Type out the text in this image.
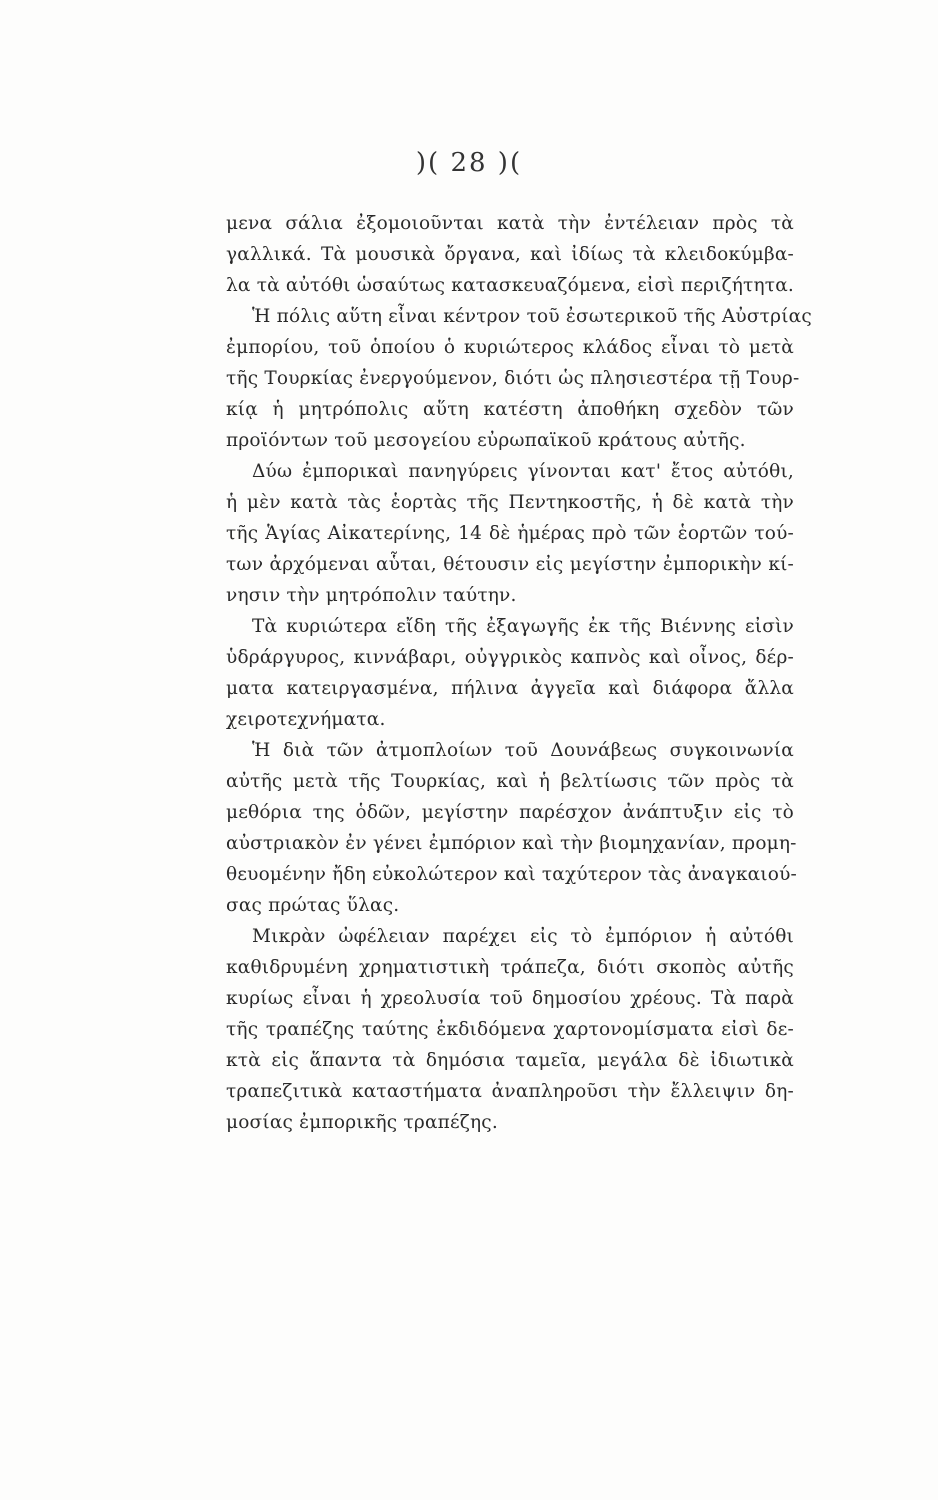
)( 28 )(
μενα σάλια ἐξομοιοῦνται κατὰ τὴν ἐντέλειαν πρὸς τὰ
γαλλικά. Τὰ μουσικὰ ὄργανα, καὶ ἰδίως τὰ κλειδοκύμβα-
λα τὰ αὐτόθι ὡσαύτως κατασκευαζόμενα, εἰσὶ περιζήτητα.
Ἡ πόλις αὕτη εἶναι κέντρον τοῦ ἐσωτερικοῦ τῆς Αὐστρίας
ἐμπορίου, τοῦ ὁποίου ὁ κυριώτερος κλάδος εἶναι τὸ μετὰ
τῆς Τουρκίας ἐνεργούμενον, διότι ὡς πλησιεστέρα τῇ Τουρ-
κίᾳ ἡ μητρόπολις αὕτη κατέστη ἀποθήκη σχεδὸν τῶν
προϊόντων τοῦ μεσογείου εὐρωπαϊκοῦ κράτους αὐτῆς.
Δύω ἐμπορικαὶ πανηγύρεις γίνονται κατ' ἔτος αὐτόθι,
ἡ μὲν κατὰ τὰς ἑορτὰς τῆς Πεντηκοστῆς, ἡ δὲ κατὰ τὴν
τῆς Ἁγίας Αἰκατερίνης, 14 δὲ ἡμέρας πρὸ τῶν ἑορτῶν τού-
των ἀρχόμεναι αὗται, θέτουσιν εἰς μεγίστην ἐμπορικὴν κί-
νησιν τὴν μητρόπολιν ταύτην.
Τὰ κυριώτερα εἴδη τῆς ἐξαγωγῆς ἐκ τῆς Βιέννης εἰσὶν
ὑδράργυρος, κιννάβαρι, οὐγγρικὸς καπνὸς καὶ οἶνος, δέρ-
ματα κατειργασμένα, πήλινα ἀγγεῖα καὶ διάφορα ἄλλα
χειροτεχνήματα.
Ἡ διὰ τῶν ἀτμοπλοίων τοῦ Δουνάβεως συγκοινωνία
αὐτῆς μετὰ τῆς Τουρκίας, καὶ ἡ βελτίωσις τῶν πρὸς τὰ
μεθόρια της ὁδῶν, μεγίστην παρέσχον ἀνάπτυξιν εἰς τὸ
αὐστριακὸν ἐν γένει ἐμπόριον καὶ τὴν βιομηχανίαν, προμη-
θευομένην ἤδη εὐκολώτερον καὶ ταχύτερον τὰς ἀναγκαιού-
σας πρώτας ὕλας.
Μικρὰν ὠφέλειαν παρέχει εἰς τὸ ἐμπόριον ἡ αὐτόθι
καθιδρυμένη χρηματιστικὴ τράπεζα, διότι σκοπὸς αὐτῆς
κυρίως εἶναι ἡ χρεολυσία τοῦ δημοσίου χρέους. Τὰ παρὰ
τῆς τραπέζης ταύτης ἐκδιδόμενα χαρτονομίσματα εἰσὶ δε-
κτὰ εἰς ἅπαντα τὰ δημόσια ταμεῖα, μεγάλα δὲ ἰδιωτικὰ
τραπεζιτικὰ καταστήματα ἀναπληροῦσι τὴν ἔλλειψιν δη-
μοσίας ἐμπορικῆς τραπέζης.
